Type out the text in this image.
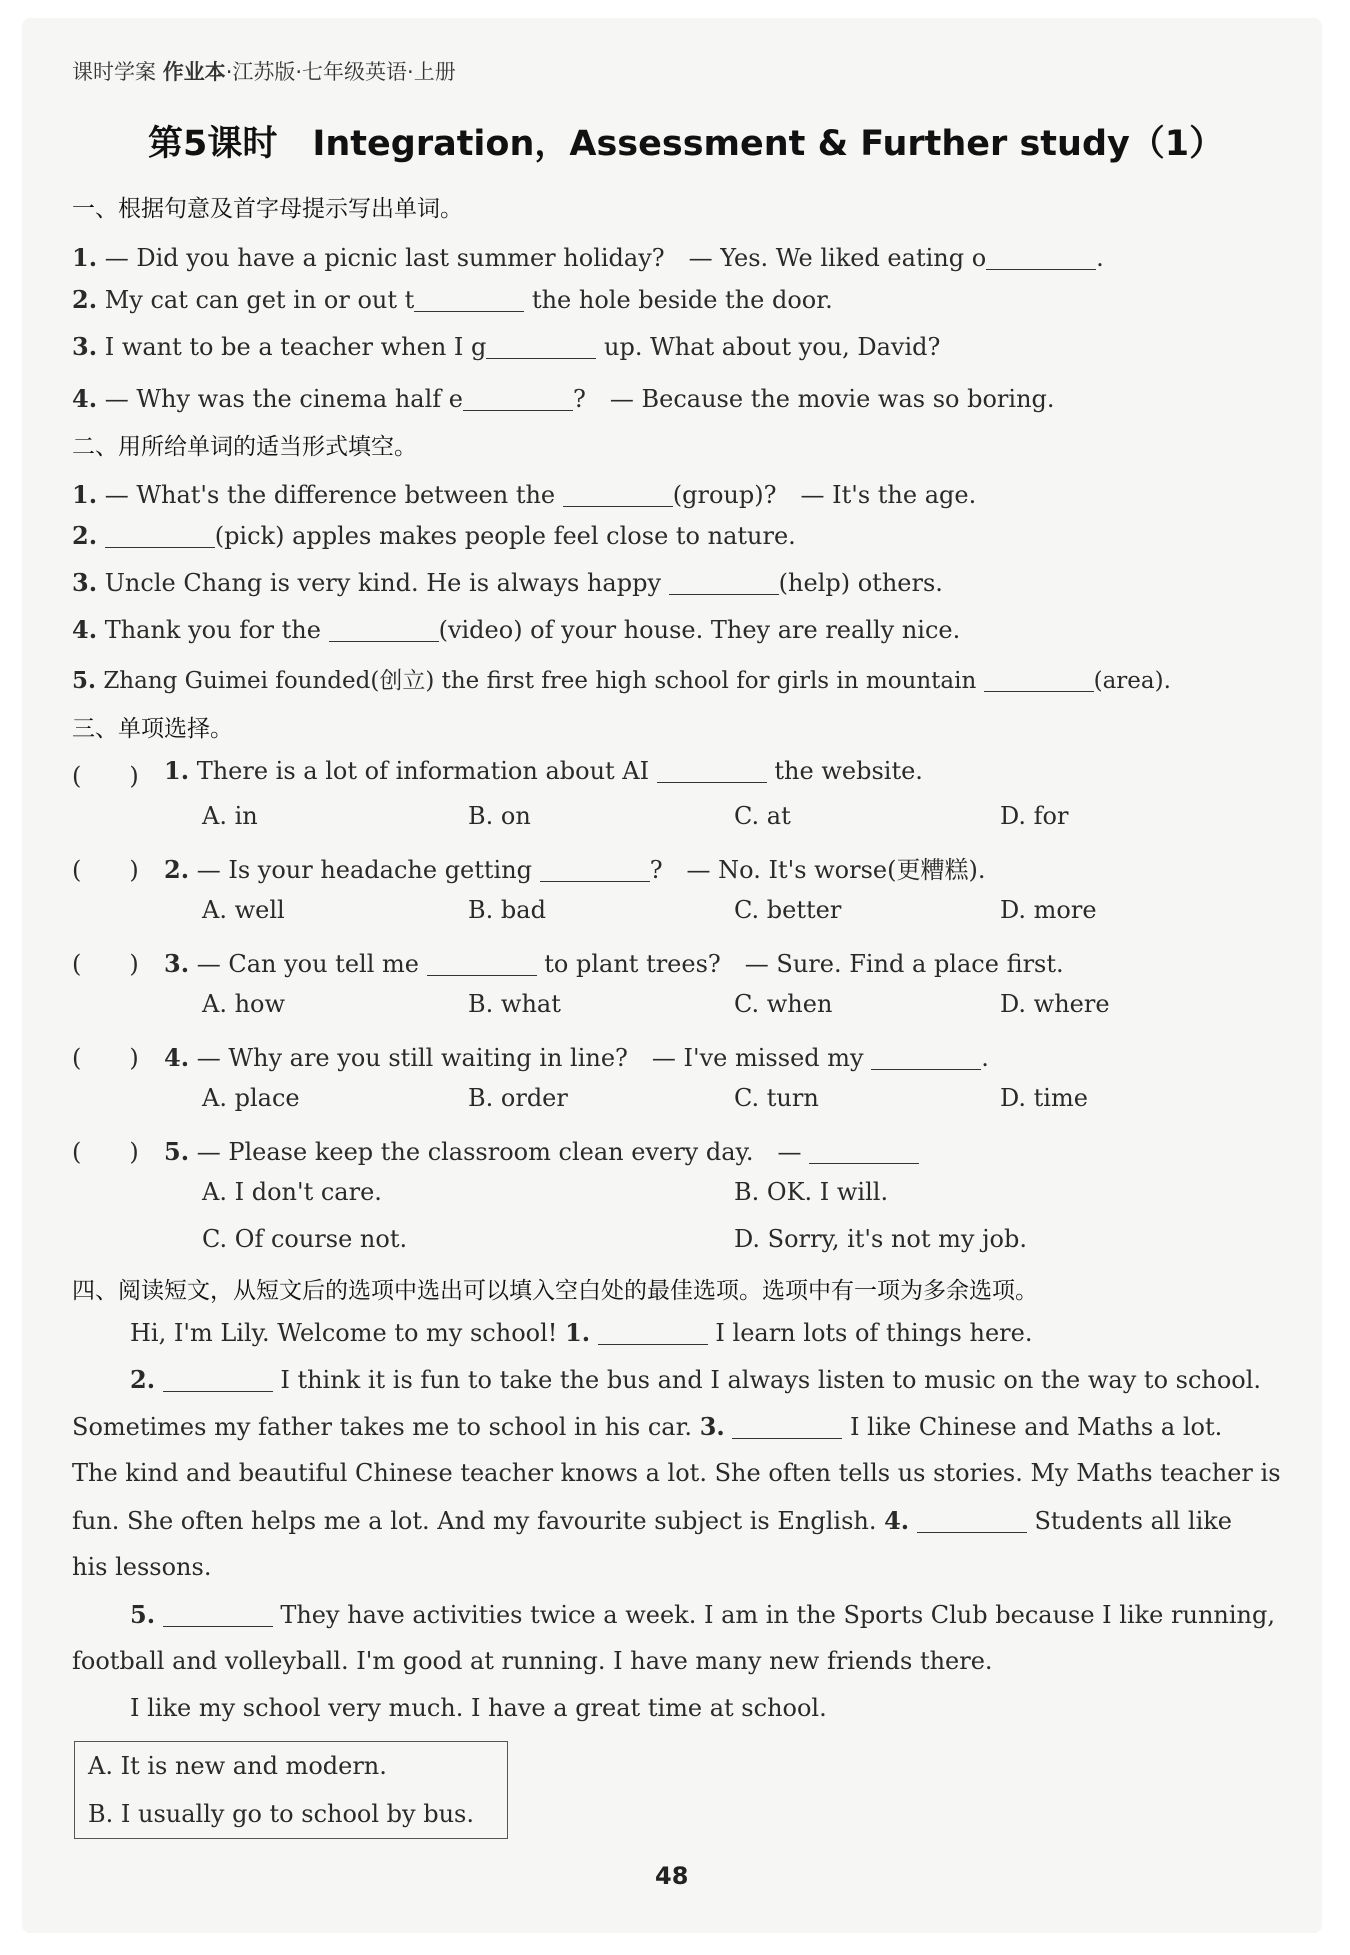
课时学案 作业本·江苏版·七年级英语·上册
第5课时　Integration，Assessment & Further study（1）
一、根据句意及首字母提示写出单词。
1. — Did you have a picnic last summer holiday?　— Yes. We liked eating o	.
2. My cat can get in or out t	the hole beside the door.
3. I want to be a teacher when I g	up. What about you, David?
4. — Why was the cinema half e	?　— Because the movie was so boring.
二、用所给单词的适当形式填空。
1. — What's the difference between the	(group)?　— It's the age.
2.	(pick) apples makes people feel close to nature.
3. Uncle Chang is very kind. He is always happy	(help) others.
4. Thank you for the	(video) of your house. They are really nice.
5. Zhang Guimei founded(创立) the first free high school for girls in mountain	(area).
三、单项选择。
(　　) 1. There is a lot of information about AI	the website.
A. in	B. on	C. at	D. for
(　　) 2. — Is your headache getting	?　— No. It's worse(更糟糕).
A. well	B. bad	C. better	D. more
(　　) 3. — Can you tell me	to plant trees?　— Sure. Find a place first.
A. how	B. what	C. when	D. where
(　　) 4. — Why are you still waiting in line?　— I've missed my	.
A. place	B. order	C. turn	D. time
(　　) 5. — Please keep the classroom clean every day.　—
A. I don't care.	B. OK. I will.
C. Of course not.	D. Sorry, it's not my job.
四、阅读短文，从短文后的选项中选出可以填入空白处的最佳选项。选项中有一项为多余选项。
Hi, I'm Lily. Welcome to my school! 1.	I learn lots of things here.
2.	I think it is fun to take the bus and I always listen to music on the way to school.
Sometimes my father takes me to school in his car. 3.	I like Chinese and Maths a lot.
The kind and beautiful Chinese teacher knows a lot. She often tells us stories. My Maths teacher is
fun. She often helps me a lot. And my favourite subject is English. 4.	Students all like
his lessons.
5.	They have activities twice a week. I am in the Sports Club because I like running,
football and volleyball. I'm good at running. I have many new friends there.
I like my school very much. I have a great time at school.
A. It is new and modern.
B. I usually go to school by bus.
48
